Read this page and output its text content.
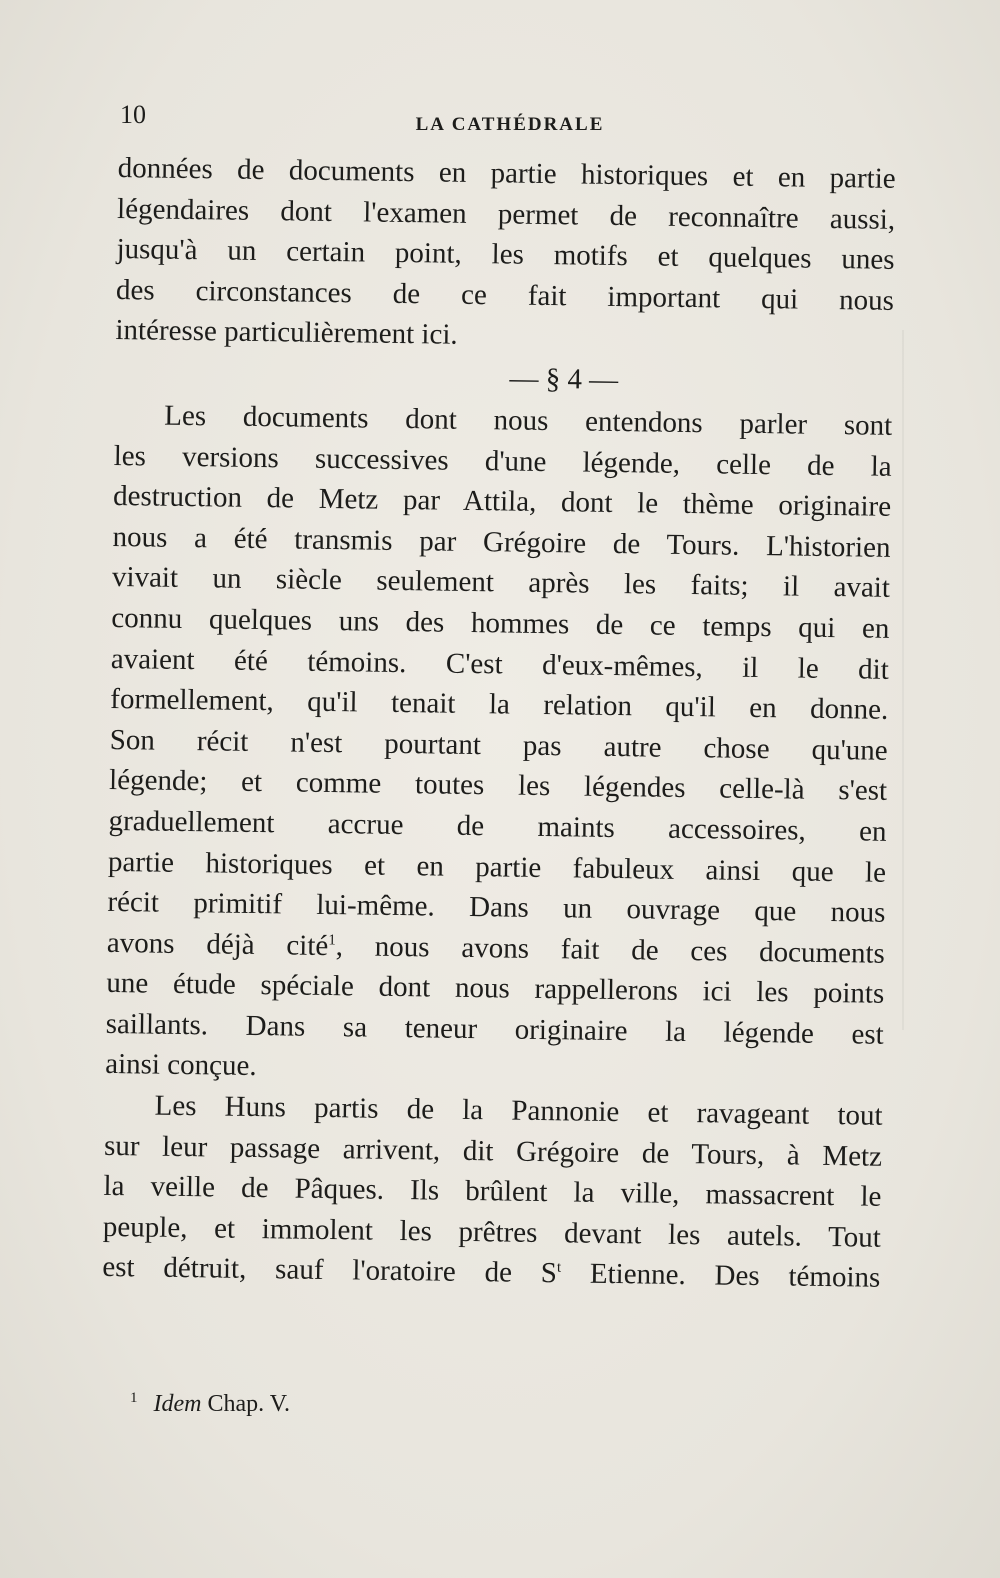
10	LA CATHÉDRALE
données de documents en partie historiques et en partie
légendaires dont l'examen permet de reconnaître aussi,
jusqu'à un certain point, les motifs et quelques unes
des circonstances de ce fait important qui nous
intéresse particulièrement ici.
— § 4 —
Les documents dont nous entendons parler sont
les versions successives d'une légende, celle de la
destruction de Metz par Attila, dont le thème originaire
nous a été transmis par Grégoire de Tours. L'historien
vivait un siècle seulement après les faits; il avait
connu quelques uns des hommes de ce temps qui en
avaient été témoins. C'est d'eux-mêmes, il le dit
formellement, qu'il tenait la relation qu'il en donne.
Son récit n'est pourtant pas autre chose qu'une
légende; et comme toutes les légendes celle-là s'est
graduellement accrue de maints accessoires, en
partie historiques et en partie fabuleux ainsi que le
récit primitif lui-même. Dans un ouvrage que nous
avons déjà cité$^1$, nous avons fait de ces documents
une étude spéciale dont nous rappellerons ici les points
saillants. Dans sa teneur originaire la légende est
ainsi conçue.
Les Huns partis de la Pannonie et ravageant tout
sur leur passage arrivent, dit Grégoire de Tours, à Metz
la veille de Pâques. Ils brûlent la ville, massacrent le
peuple, et immolent les prêtres devant les autels. Tout
est détruit, sauf l'oratoire de $S^t$ Etienne. Des témoins
$^1$ Idem Chap. V.
